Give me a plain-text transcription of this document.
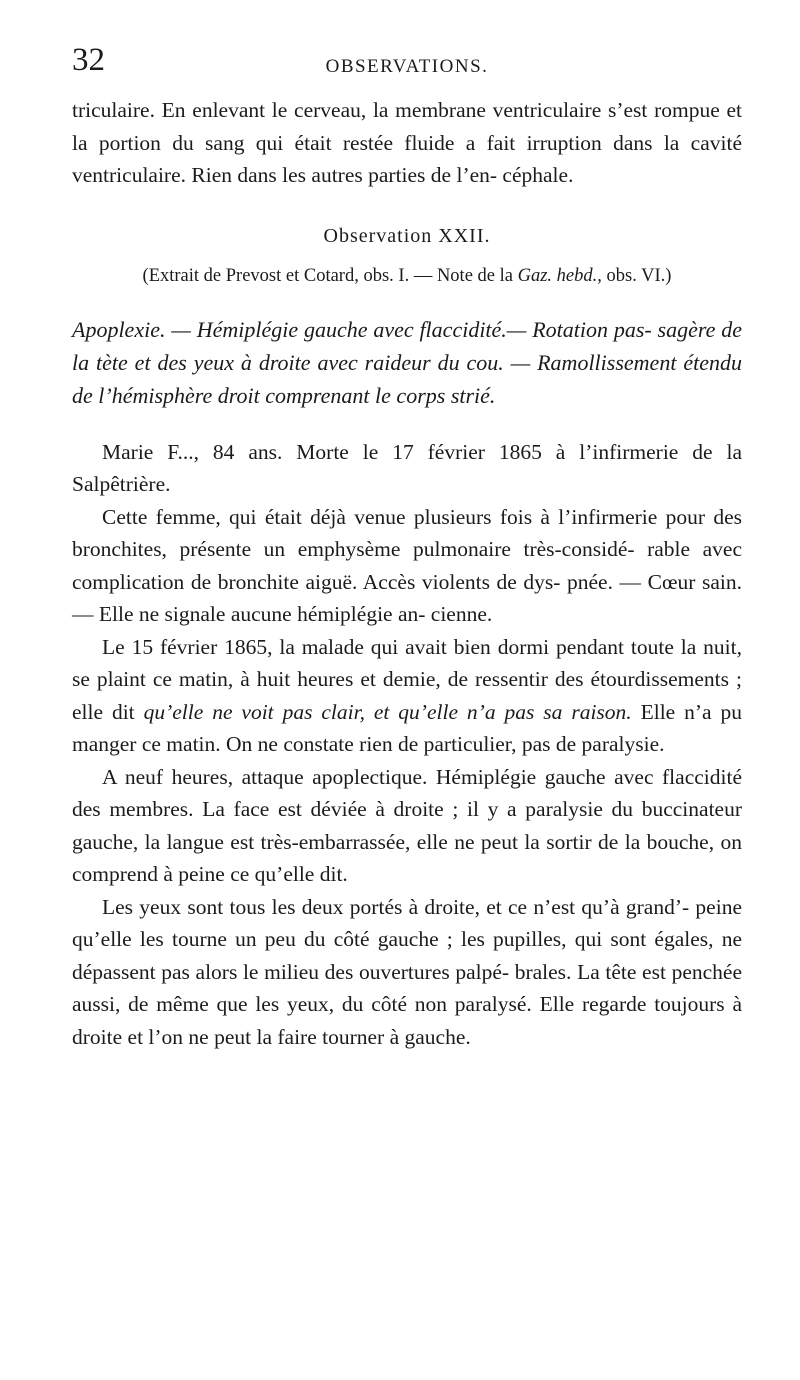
32	OBSERVATIONS.

triculaire. En enlevant le cerveau, la membrane ventriculaire s’est rompue et la portion du sang qui était restée fluide a fait irruption dans la cavité ventriculaire. Rien dans les autres parties de l’en- céphale.

Observation XXII.

(Extrait de Prevost et Cotard, obs. I. — Note de la Gaz. hebd., obs. VI.)

Apoplexie. — Hémiplégie gauche avec flaccidité.— Rotation pas- sagère de la tète et des yeux à droite avec raideur du cou. — Ramollissement étendu de l’hémisphère droit comprenant le corps strié.

Marie F..., 84 ans. Morte le 17 février 1865 à l’infirmerie de la Salpêtrière.

Cette femme, qui était déjà venue plusieurs fois à l’infirmerie pour des bronchites, présente un emphysème pulmonaire très-considé- rable avec complication de bronchite aiguë. Accès violents de dys- pnée. — Cœur sain. — Elle ne signale aucune hémiplégie an- cienne.

Le 15 février 1865, la malade qui avait bien dormi pendant toute la nuit, se plaint ce matin, à huit heures et demie, de ressentir des étourdissements ; elle dit qu’elle ne voit pas clair, et qu’elle n’a pas sa raison. Elle n’a pu manger ce matin. On ne constate rien de particulier, pas de paralysie.

A neuf heures, attaque apoplectique. Hémiplégie gauche avec flaccidité des membres. La face est déviée à droite ; il y a paralysie du buccinateur gauche, la langue est très-embarrassée, elle ne peut la sortir de la bouche, on comprend à peine ce qu’elle dit.

Les yeux sont tous les deux portés à droite, et ce n’est qu’à grand’- peine qu’elle les tourne un peu du côté gauche ; les pupilles, qui sont égales, ne dépassent pas alors le milieu des ouvertures palpé- brales. La tête est penchée aussi, de même que les yeux, du côté non paralysé. Elle regarde toujours à droite et l’on ne peut la faire tourner à gauche.
